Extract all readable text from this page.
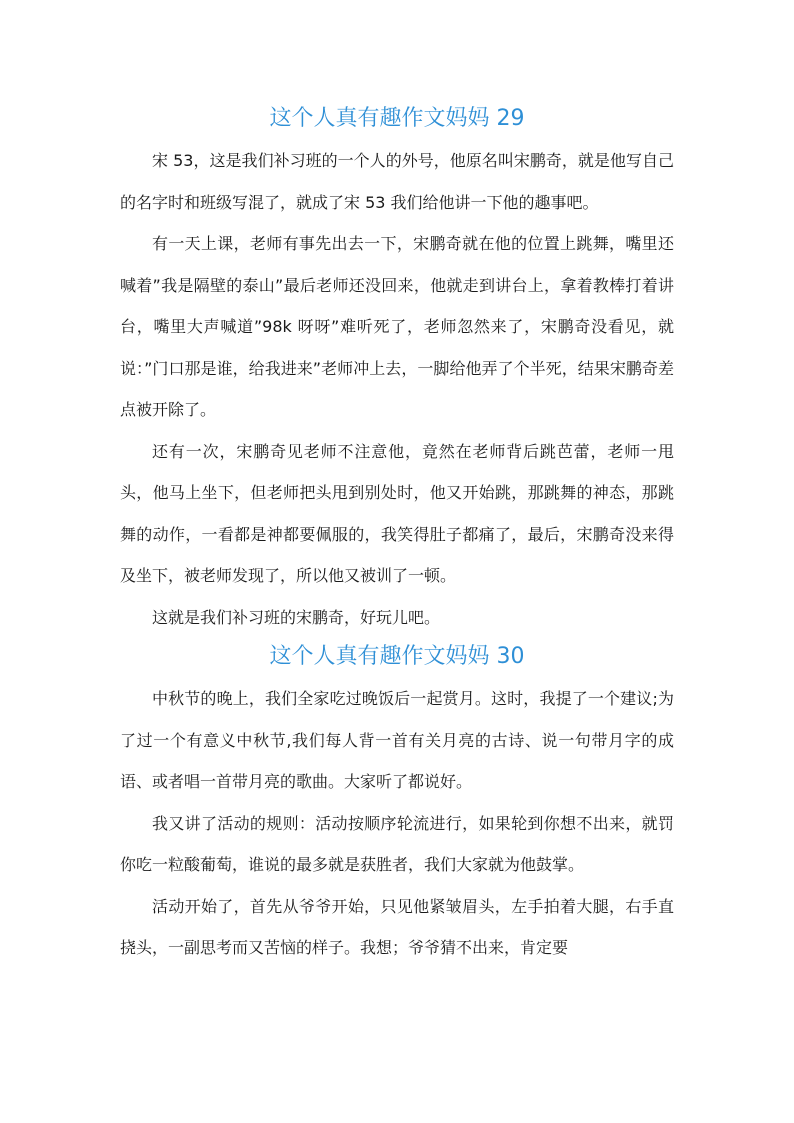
这个人真有趣作文妈妈 29

宋 53，这是我们补习班的一个人的外号，他原名叫宋鹏奇，就是他写自己的名字时和班级写混了，就成了宋 53 我们给他讲一下他的趣事吧。

有一天上课，老师有事先出去一下，宋鹏奇就在他的位置上跳舞，嘴里还喊着”我是隔壁的泰山”最后老师还没回来，他就走到讲台上，拿着教棒打着讲台，嘴里大声喊道”98k 呀呀”难听死了，老师忽然来了，宋鹏奇没看见，就说：”门口那是谁，给我进来”老师冲上去，一脚给他弄了个半死，结果宋鹏奇差点被开除了。

还有一次，宋鹏奇见老师不注意他，竟然在老师背后跳芭蕾，老师一甩头，他马上坐下，但老师把头甩到别处时，他又开始跳，那跳舞的神态，那跳舞的动作，一看都是神都要佩服的，我笑得肚子都痛了，最后，宋鹏奇没来得及坐下，被老师发现了，所以他又被训了一顿。

这就是我们补习班的宋鹏奇，好玩儿吧。

这个人真有趣作文妈妈 30

中秋节的晚上，我们全家吃过晚饭后一起赏月。这时，我提了一个建议;为了过一个有意义中秋节,我们每人背一首有关月亮的古诗、说一句带月字的成语、或者唱一首带月亮的歌曲。大家听了都说好。

我又讲了活动的规则：活动按顺序轮流进行，如果轮到你想不出来，就罚你吃一粒酸葡萄，谁说的最多就是获胜者，我们大家就为他鼓掌。

活动开始了，首先从爷爷开始，只见他紧皱眉头，左手拍着大腿，右手直挠头，一副思考而又苦恼的样子。我想；爷爷猜不出来，肯定要
